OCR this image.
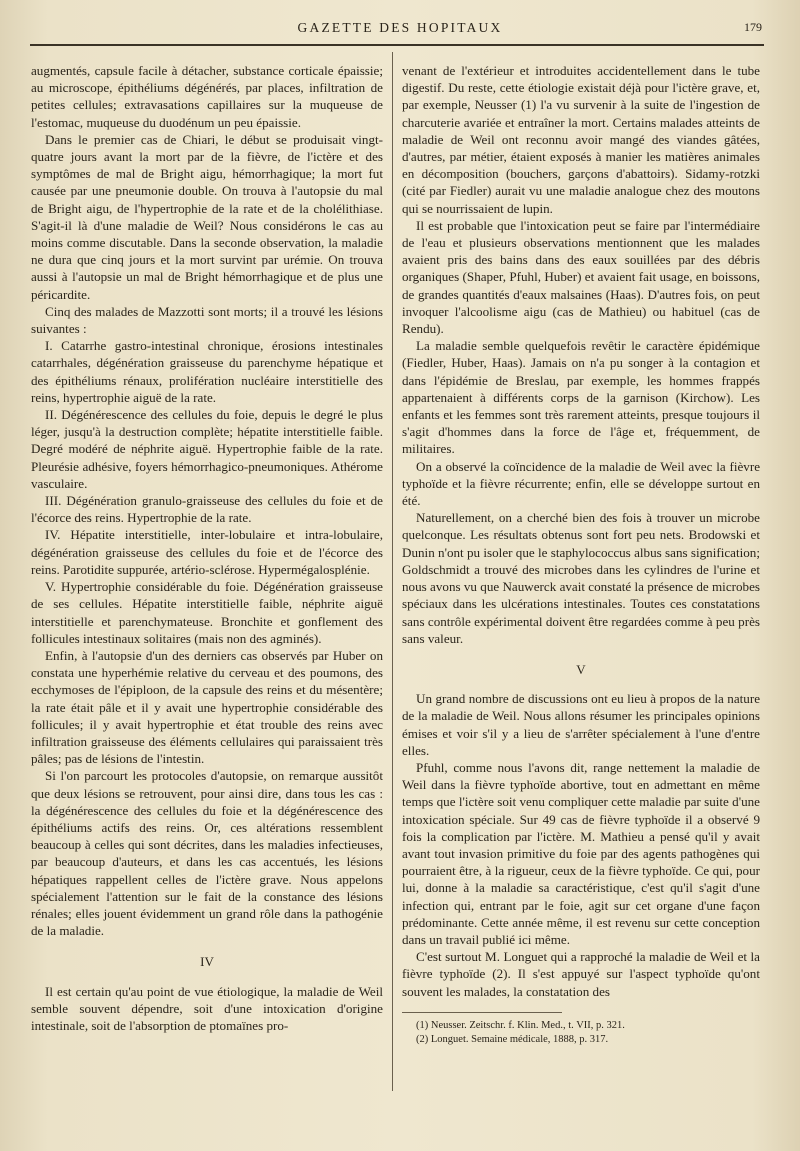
GAZETTE DES HOPITAUX	179

augmentés, capsule facile à détacher, substance corticale épaissie; au microscope, épithéliums dégénérés, par places, infiltration de petites cellules; extravasations capillaires sur la muqueuse de l'estomac, muqueuse du duodénum un peu épaissie.

Dans le premier cas de Chiari, le début se produisait vingt-quatre jours avant la mort par de la fièvre, de l'ictère et des symptômes de mal de Bright aigu, hémorrhagique; la mort fut causée par une pneumonie double. On trouva à l'autopsie du mal de Bright aigu, de l'hypertrophie de la rate et de la cholélithiase. S'agit-il là d'une maladie de Weil? Nous considérons le cas au moins comme discutable. Dans la seconde observation, la maladie ne dura que cinq jours et la mort survint par urémie. On trouva aussi à l'autopsie un mal de Bright hémorrhagique et de plus une péricardite.

Cinq des malades de Mazzotti sont morts; il a trouvé les lésions suivantes :

I. Catarrhe gastro-intestinal chronique, érosions intestinales catarrhales, dégénération graisseuse du parenchyme hépatique et des épithéliums rénaux, prolifération nucléaire interstitielle des reins, hypertrophie aiguë de la rate.

II. Dégénérescence des cellules du foie, depuis le degré le plus léger, jusqu'à la destruction complète; hépatite interstitielle faible. Degré modéré de néphrite aiguë. Hypertrophie faible de la rate. Pleurésie adhésive, foyers hémorrhagico-pneumoniques. Athérome vasculaire.

III. Dégénération granulo-graisseuse des cellules du foie et de l'écorce des reins. Hypertrophie de la rate.

IV. Hépatite interstitielle, inter-lobulaire et intra-lobulaire, dégénération graisseuse des cellules du foie et de l'écorce des reins. Parotidite suppurée, artério-sclérose. Hypermégalosplénie.

V. Hypertrophie considérable du foie. Dégénération graisseuse de ses cellules. Hépatite interstitielle faible, néphrite aiguë interstitielle et parenchymateuse. Bronchite et gonflement des follicules intestinaux solitaires (mais non des agminés).

Enfin, à l'autopsie d'un des derniers cas observés par Huber on constata une hyperhémie relative du cerveau et des poumons, des ecchymoses de l'épiploon, de la capsule des reins et du mésentère; la rate était pâle et il y avait une hypertrophie considérable des follicules; il y avait hypertrophie et état trouble des reins avec infiltration graisseuse des éléments cellulaires qui paraissaient très pâles; pas de lésions de l'intestin.

Si l'on parcourt les protocoles d'autopsie, on remarque aussitôt que deux lésions se retrouvent, pour ainsi dire, dans tous les cas : la dégénérescence des cellules du foie et la dégénérescence des épithéliums actifs des reins. Or, ces altérations ressemblent beaucoup à celles qui sont décrites, dans les maladies infectieuses, par beaucoup d'auteurs, et dans les cas accentués, les lésions hépatiques rappellent celles de l'ictère grave. Nous appelons spécialement l'attention sur le fait de la constance des lésions rénales; elles jouent évidemment un grand rôle dans la pathogénie de la maladie.

IV

Il est certain qu'au point de vue étiologique, la maladie de Weil semble souvent dépendre, soit d'une intoxication d'origine intestinale, soit de l'absorption de ptomaïnes pro-

venant de l'extérieur et introduites accidentellement dans le tube digestif. Du reste, cette étiologie existait déjà pour l'ictère grave, et, par exemple, Neusser (1) l'a vu survenir à la suite de l'ingestion de charcuterie avariée et entraîner la mort. Certains malades atteints de maladie de Weil ont reconnu avoir mangé des viandes gâtées, d'autres, par métier, étaient exposés à manier les matières animales en décomposition (bouchers, garçons d'abattoirs). Sidamy-rotzki (cité par Fiedler) aurait vu une maladie analogue chez des moutons qui se nourrissaient de lupin.

Il est probable que l'intoxication peut se faire par l'intermédiaire de l'eau et plusieurs observations mentionnent que les malades avaient pris des bains dans des eaux souillées par des débris organiques (Shaper, Pfuhl, Huber) et avaient fait usage, en boissons, de grandes quantités d'eaux malsaines (Haas). D'autres fois, on peut invoquer l'alcoolisme aigu (cas de Mathieu) ou habituel (cas de Rendu).

La maladie semble quelquefois revêtir le caractère épidémique (Fiedler, Huber, Haas). Jamais on n'a pu songer à la contagion et dans l'épidémie de Breslau, par exemple, les hommes frappés appartenaient à différents corps de la garnison (Kirchow). Les enfants et les femmes sont très rarement atteints, presque toujours il s'agit d'hommes dans la force de l'âge et, fréquemment, de militaires.

On a observé la coïncidence de la maladie de Weil avec la fièvre typhoïde et la fièvre récurrente; enfin, elle se développe surtout en été.

Naturellement, on a cherché bien des fois à trouver un microbe quelconque. Les résultats obtenus sont fort peu nets. Brodowski et Dunin n'ont pu isoler que le staphylococcus albus sans signification; Goldschmidt a trouvé des microbes dans les cylindres de l'urine et nous avons vu que Nauwerck avait constaté la présence de microbes spéciaux dans les ulcérations intestinales. Toutes ces constatations sans contrôle expérimental doivent être regardées comme à peu près sans valeur.

V

Un grand nombre de discussions ont eu lieu à propos de la nature de la maladie de Weil. Nous allons résumer les principales opinions émises et voir s'il y a lieu de s'arrêter spécialement à l'une d'entre elles.

Pfuhl, comme nous l'avons dit, range nettement la maladie de Weil dans la fièvre typhoïde abortive, tout en admettant en même temps que l'ictère soit venu compliquer cette maladie par suite d'une intoxication spéciale. Sur 49 cas de fièvre typhoïde il a observé 9 fois la complication par l'ictère. M. Mathieu a pensé qu'il y avait avant tout invasion primitive du foie par des agents pathogènes qui pourraient être, à la rigueur, ceux de la fièvre typhoïde. Ce qui, pour lui, donne à la maladie sa caractéristique, c'est qu'il s'agit d'une infection qui, entrant par le foie, agit sur cet organe d'une façon prédominante. Cette année même, il est revenu sur cette conception dans un travail publié ici même.

C'est surtout M. Longuet qui a rapproché la maladie de Weil et la fièvre typhoïde (2). Il s'est appuyé sur l'aspect typhoïde qu'ont souvent les malades, la constatation des

(1) Neusser. Zeitschr. f. Klin. Med., t. VII, p. 321.

(2) Longuet. Semaine médicale, 1888, p. 317.
